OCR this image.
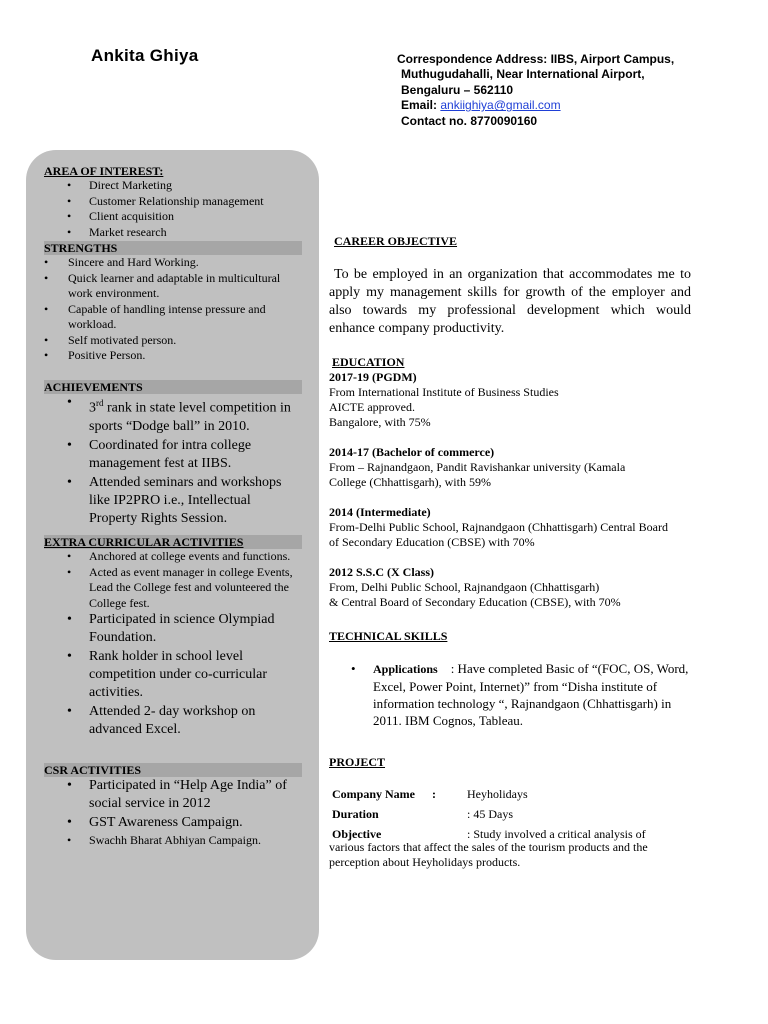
Ankita Ghiya	Correspondence Address: IIBS, Airport Campus,
Muthugudahalli, Near International Airport,
Bengaluru – 562110
Email: ankiighiya@gmail.com
Contact no. 8770090160
AREA OF INTEREST:
• Direct Marketing
• Customer Relationship management
• Client acquisition
• Market research
STRENGTHS
• Sincere and Hard Working.
• Quick learner and adaptable in multicultural work environment.
• Capable of handling intense pressure and workload.
• Self motivated person.
• Positive Person.
ACHIEVEMENTS
• 3rd rank in state level competition in sports “Dodge ball” in 2010.
• Coordinated for intra college management fest at IIBS.
• Attended seminars and workshops like IP2PRO i.e., Intellectual Property Rights Session.
EXTRA CURRICULAR ACTIVITIES
• Anchored at college events and functions.
• Acted as event manager in college Events, Lead the College fest and volunteered the College fest.
• Participated in science Olympiad Foundation.
• Rank holder in school level competition under co-curricular activities.
• Attended 2- day workshop on advanced Excel.
CSR ACTIVITIES
• Participated in “Help Age India” of social service in 2012
• GST Awareness Campaign.
• Swachh Bharat Abhiyan Campaign.
CAREER OBJECTIVE
To be employed in an organization that accommodates me to apply my management skills for growth of the employer and also towards my professional development which would enhance company productivity.
EDUCATION
2017-19 (PGDM)
From International Institute of Business Studies
AICTE approved.
Bangalore, with 75%
2014-17 (Bachelor of commerce)
From – Rajnandgaon, Pandit Ravishankar university (Kamala
College (Chhattisgarh), with 59%
2014 (Intermediate)
From-Delhi Public School, Rajnandgaon (Chhattisgarh) Central Board
of Secondary Education (CBSE) with 70%
2012 S.S.C (X Class)
From, Delhi Public School, Rajnandgaon (Chhattisgarh)
& Central Board of Secondary Education (CBSE), with 70%
TECHNICAL SKILLS
• Applications : Have completed Basic of “(FOC, OS, Word, Excel, Power Point, Internet)” from “Disha institute of information technology “, Rajnandgaon (Chhattisgarh) in 2011. IBM Cognos, Tableau.
PROJECT
Company Name	:	Heyholidays
Duration		: 45 Days
Objective		: Study involved a critical analysis of
various factors that affect the sales of the tourism products and the perception about Heyholidays products.
